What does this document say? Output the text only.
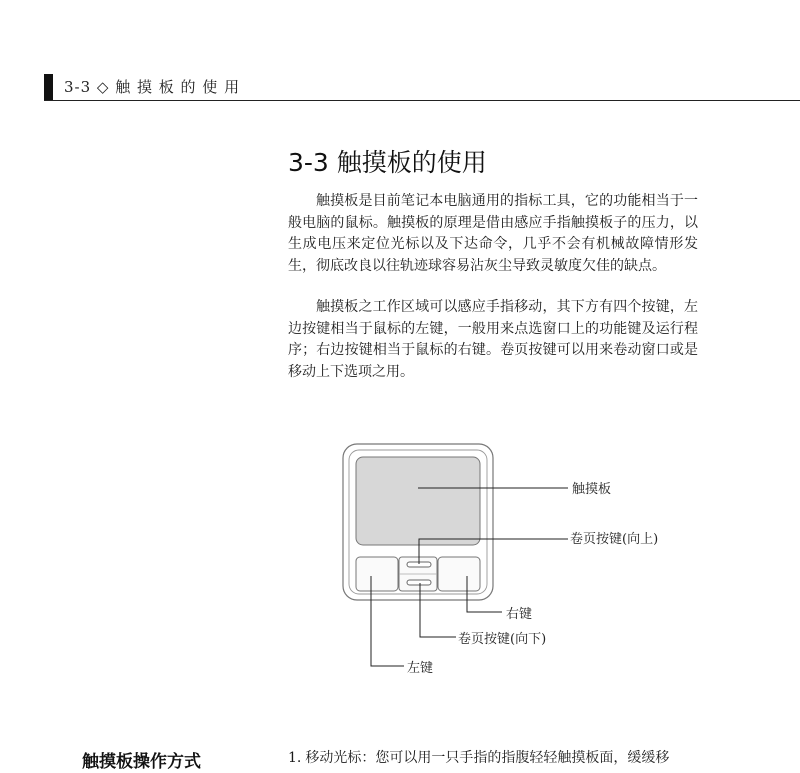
3-3 ◇ 触 摸 板 的 使 用
3-3 触摸板的使用

触摸板是目前笔记本电脑通用的指标工具，它的功能相当于一般电脑的鼠标。触摸板的原理是借由感应手指触摸板子的压力，以生成电压来定位光标以及下达命令，几乎不会有机械故障情形发生，彻底改良以往轨迹球容易沾灰尘导致灵敏度欠佳的缺点。

触摸板之工作区域可以感应手指移动，其下方有四个按键，左边按键相当于鼠标的左键，一般用来点选窗口上的功能键及运行程序；右边按键相当于鼠标的右键。卷页按键可以用来卷动窗口或是移动上下选项之用。

触摸板
卷页按键(向上)
右键
卷页按键(向下)
左键
触摸板操作方式	1. 移动光标：您可以用一只手指的指腹轻轻触摸板面，缓缓移
